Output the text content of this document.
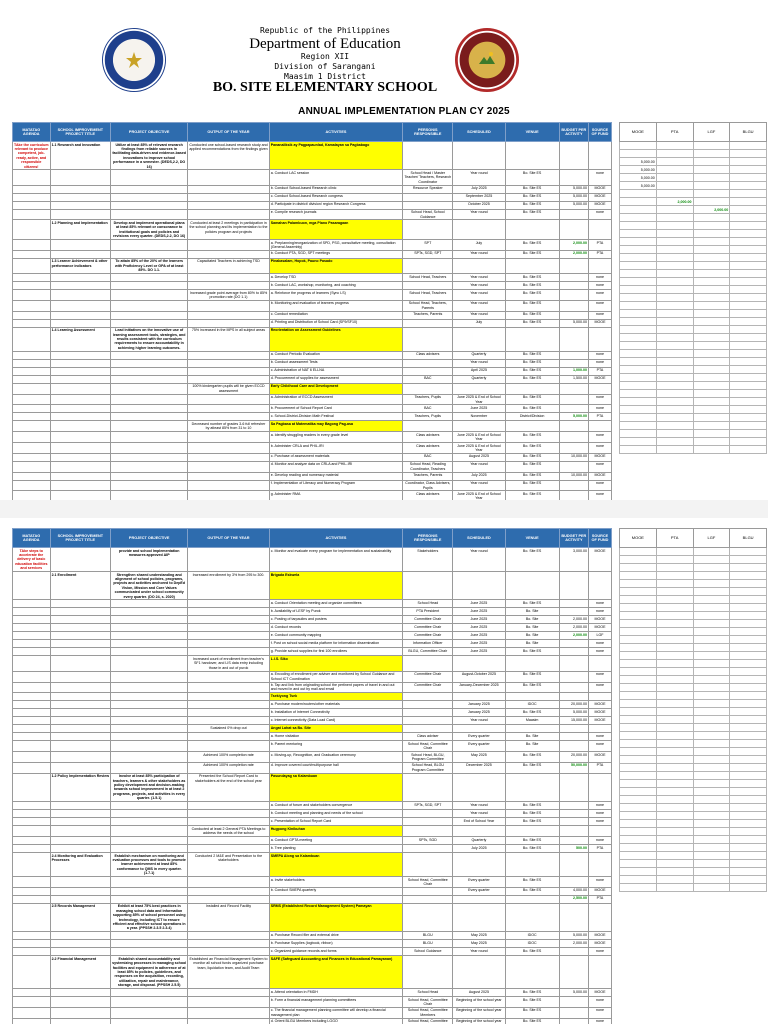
Republic of the Philippines
Department of Education
Region XII
Division of Sarangani
Maasim 1 District
BO. SITE ELEMENTARY SCHOOL
ANNUAL IMPLEMENTATION PLAN CY 2025
MATATAG AGENDA	SCHOOL IMPROVEMENT PROJECT TITLE	PROJECT OBJECTIVE	OUTPUT OF THE YEAR	ACTIVITIES	PERSON/S RESPONSIBLE	SCHEDULED	VENUE	BUDGET PER ACTIVITY	SOURCE OF FUND
TAke the curriculum relevant to produce competent, job-ready, active, and responsible citizens!	1.1 Research and Innovation	Utilize at least 85% of relevant research findings from reliable sources in facilitating data-driven and evidence-based innovations to improve school performance in a semester. (DEDS,2.2, DO 16)	Conducted one school-based research study and applied recommendations from the findings given	Pananaliksik ay Pagpapaunlad, Kamalayan sa Pagbabago					
				a. Conduct LAC session	School Head / Master Teacher/ Teachers, Research Coordinator	Year round	Bo. Site ES		none
				b. Conduct School-based Research clinic	Resource Speaker	July 2025	Bo. Site ES	5,000.00	MOOE
				c. Conduct School-based Research congress		September 2025	Bo. Site ES	5,000.00	MOOE
				d. Participate in district/ division/ region Research Congress		October 2025	Bo. Site ES	5,000.00	MOOE
				e. Compile research journals	School Head, School Guidance	Year round	Bo. Site ES		none
	1.2 Planning and Implementation	Develop and implement operational plans at least 85% relevant or consonance to institutional goals and policies and revisions every quarter. (DEDS,2.2, DO 16)	Conducted at least 2 meetings in participation in the school planning and its implementation to the policies program and projects	Samahan Palambuon, mga Plano Pasaragaan					
				a. Preplanning/reorganization of SPD, PSG, consultative meeting, consultation (General Assembly)	SPT	July	Bo. Site ES	2,000.00	PTA
				b. Conduct PTA, SGD, SPT meetings	SPTs, SGD, SPT	Year round	Bo. Site ES	2,000.00	PTA
	1.3 Learner Achievement & other performance indicators	To attain 85% of the 20% of the learners with Proficiency Level or GPA of at least 85%. DO 1.1.	Capacitated Teachers in achieving TSD	Pinakasalam, Hopok, Pauno Pasado					
				a. Develop TSD	School Head, Teachers	Year round	Bo. Site ES		none
				b. Conduct LAC, workshop, monitoring, and coaching		Year round	Bo. Site ES		none
			Increased grade point average from 80% to 85% promotion rate (DO 1.1)	a. Reinforce the progress of learners (Sync LS)	School Head, Teachers	Year round	Bo. Site ES		none
				b. Monitoring and evaluation of learners progress	School Head, Teachers, Parents	Year round	Bo. Site ES		none
				c. Conduct remediation	Teachers, Parents	Year round	Bo. Site ES		none
				d. Printing and Distribution of School Card (SF9/SF10)		July	Bo. Site ES	5,000.00	MOOE
	1.4 Learning Assessment	Lead initiatives on the innovative use of learning assessment tools, strategies, and results consistent with the curriculum requirements to ensure accountability in achieving higher learning outcomes.	75% increased in the MPS in all subject areas	Reorientation on Assessment Guidelines					
				a. Conduct Periodic Evaluation	Class advisers	Quarterly	Bo. Site ES		none
				b. Conduct assessment Tests		Year round	Bo. Site ES		none
				c. Administration of NAT 6 ELLNA		April 2025	Bo. Site ES	1,000.00	PTA
				d. Procurement of supplies for assessment	BAC	Quarterly	Bo. Site ES	1,500.00	MOOE
			100% kindergarten pupils will be given ECCD assessment	Early Childhood Care and Development					
				a. Administration of ECCD Assessment	Teachers, Pupils	June 2025 & End of School Year	Bo. Site ES		none
				b. Procurement of School Report Card	BAC	June 2025	Bo. Site ES		none
				c. School-District-Division Math Festival	Teachers, Pupils	November	District/Division	5,000.00	PTA
			Decreased number of grades 3-6 full refresher by atleast 85% from 31 to 10	Sa Pagbasa at Matematika may Bagong Pag-asa					
				a. Identify struggling readers in every grade level	Class advisers	June 2025 & End of School Year	Bo. Site ES		none
				b. Administer CRLA and PHIL-IRI	Class advisers	June 2025 & End of School Year	Bo. Site ES		none
				c. Purchase of assessment materials	BAC	August 2025	Bo. Site ES	10,000.00	MOOE
				d. Monitor and analyze data on CRLA and PHIL-IRI	School Head, Reading Coordinator, Teachers	Year round	Bo. Site ES		none
				e. Develop reading and numeracy material	Teachers, Parents	July 2025	Bo. Site ES	10,000.00	MOOE
				f. Implementation of Literacy and Numeracy Program	Coordinator, Class Advisers, Pupils	Year round	Bo. Site ES		none
				g. Administer RMA	Class advisers	June 2025 & End of School Year	Bo. Site ES		none

MOOE	PTA	LGF	BLGU

5,000.00			
5,000.00			
5,000.00			
5,000.00			

	2,000.00		
		2,000.00	

MATATAG AGENDA	SCHOOL IMPROVEMENT PROJECT TITLE	PROJECT OBJECTIVE	OUTPUT OF THE YEAR	ACTIVITIES	PERSON/S RESPONSIBLE	SCHEDULED	VENUE	BUDGET PER ACTIVITY	SOURCE OF FUND
TAke steps to accelerate the delivery of basic education facilities and services		provide and school Implementation measures approved AIP		c. Monitor and evaluate every program for implementation and sustainability	Stakeholders	Year round	Bo. Site ES	3,000.00	MOOE
	2.1 Enrollment	Strengthen shared understanding and alignment of school policies, programs, projects and activities anchored to DepEd Vision, Mission and Core Values communicated under school community every quarter. (DO 24, s. 2020)	Increased enrollment by 3% from 295 to 300.	Brigada Eskwela					
				a. Conduct Orientation meeting and organize committees	School Head	June 2025	Bo. Site ES		none
				b. Availability of LESF by Purok	PTA President	June 2025	Bo. Site		none
				c. Posting of tarpaulins and posters	Committee Chair	June 2025	Bo. Site	2,000.00	MOOE
				d. Conduct records	Committee Chair	June 2025	Bo. Site	2,000.00	MOOE
				e. Conduct community mapping	Committee Chair	June 2025	Bo. Site	2,000.00	LGF
				f. Post on school social media platform for information dissemination	Information Officer	June 2025	Bo. Site		none
				g. Provide school supplies for first 100 enrollees	BLGU, Committee Chair	June 2025	Bo. Site ES		none
			Increased count of enrollment from teacher's SF1 handover, and LIS data entry including those in and out of purok	L.I.S. Siko					
				a. Encoding of enrollment per adviser and monitored by School Guidance and School ICT Coordination	Committee Chair	August-October 2025	Bo. Site ES		none
				b. Tap and link from originating school the pertinent papers of travel in and out and moved in and out by mail and email	Committee Chair	January-December 2025	Bo. Site ES		none
				Tsekiyong Tsek					
				a. Purchase modem/routers/other materials		January 2025	IDOC	20,000.00	MOOE
				b. Installation of Internet Connectivity		January 2025	Bo. Site ES	5,000.00	MOOE
				c. Internet connectivity (Data Load Card)		Year round	Maasim	15,000.00	MOOE
			Sustained 0% drop out	Angat Lahat sa Bo. Site					
				a. Home visitation	Class adviser	Every quarter	Bo. Site		none
				b. Parent mentoring	School Head, Committee Chair	Every quarter	Bo. Site		none
			Achieved 100% completion rate	c. Moving-up, Recognition, and Graduation ceremony	School Head, BLGU, Program Committee	May 2025	Bo. Site ES	20,000.00	MOOE
			Achieved 100% completion rate	d. Improve covered court/multipurpose hall	School Head, BLGU Program Committee	December 2025	Bo. Site ES	50,000.00	PTA
	1.2 Policy Implementation Review	Involve at least 85% participation of teachers, learners & other stakeholders as policy development and decision-making towards school improvement in at least 2 programs, projects, and activities in every quarter. (1.5.1)	Presented the School Report Card to stakeholders at the end of the school year	Pasundayag sa Kalambuan					
				a. Conduct of forum and stakeholders convergence	SPTs, SGD, SPT	Year round	Bo. Site ES		none
				b. Conduct meeting and planning and needs of the school		Year round	Bo. Site ES		none
				c. Presentation of School Report Card		End of School Year	Bo. Site ES		none
			Conducted at least 2 General PTA Meetings to address the needs of the school	Hugpong Kinibuhan					
				a. Conduct GPTA meeting	SPTs, SGD	Quarterly	Bo. Site ES		none
				b. Tree planting		July 2025	Bo. Site ES	500.00	PTA
	2.4 Monitoring and Evaluation Processes	Establish mechanism on monitoring and evaluation processes and tools to promote learner achievement at least 85% conformance to QMS in every quarter. (1.7.1)	Conducted 2 M&E and Presentation to the stakeholders	SMEPA Along sa Kalambuan					
				a. Invite stakeholders	School Head, Committee Chair	Every quarter	Bo. Site ES		none
				b. Conduct SMEPA quarterly		Every quarter	Bo. Site ES	4,000.00	MOOE
								2,500.00	PTA
	2.5 Records Management	Exhibit at least 75% best practices in managing school data and information supporting 85% of school personnel using technology, including ICT to ensure efficient and effective school operations in a year. (PPSSH 2.3.5 2.3.4)	Installed and Record Facility	SRMS (Established Record Management System) Pamayan					
				a. Purchase Record filer and external drive	BLGU	May 2025	IDOC	5,000.00	MOOE
				b. Purchase Supplies (logbook, ribbon)	BLGU	May 2025	IDOC	2,000.00	MOOE
				c. Organized guidance records and forms	School Guidance	Year round	Bo. Site ES		none
	2.2 Financial Management	Establish shared accountability and systemizing processes in managing school facilities and equipment in adherence of at least 85% to policies, guidelines, and responses on the acquisition, recording, utilization, repair and maintenance, storage, and disposal. (PPSSH 2.5.5)	Established an Financial Management System to monitor all school funds organized purchase team, liquidation team, and Audit Team	SAFE (Safeguard Accounting and Finances in Educational Pamayanan)					
				a. Attend orientation in FMDH	School Head	August 2025	Bo. Site ES	5,000.00	MOOE
				b. Form a financial management planning committees	School Head, Committee Chair	Beginning of the school year	Bo. Site ES		none
				c. The financial management planning committee will develop a financial management plan	School Head, Committee Members	Beginning of the school year	Bo. Site ES		none
				d. Orient BLGU Members including LGGO	School Head, Committee	Beginning of the school year	Bo. Site ES		none

MOOE	PTA	LGF	BLGU
